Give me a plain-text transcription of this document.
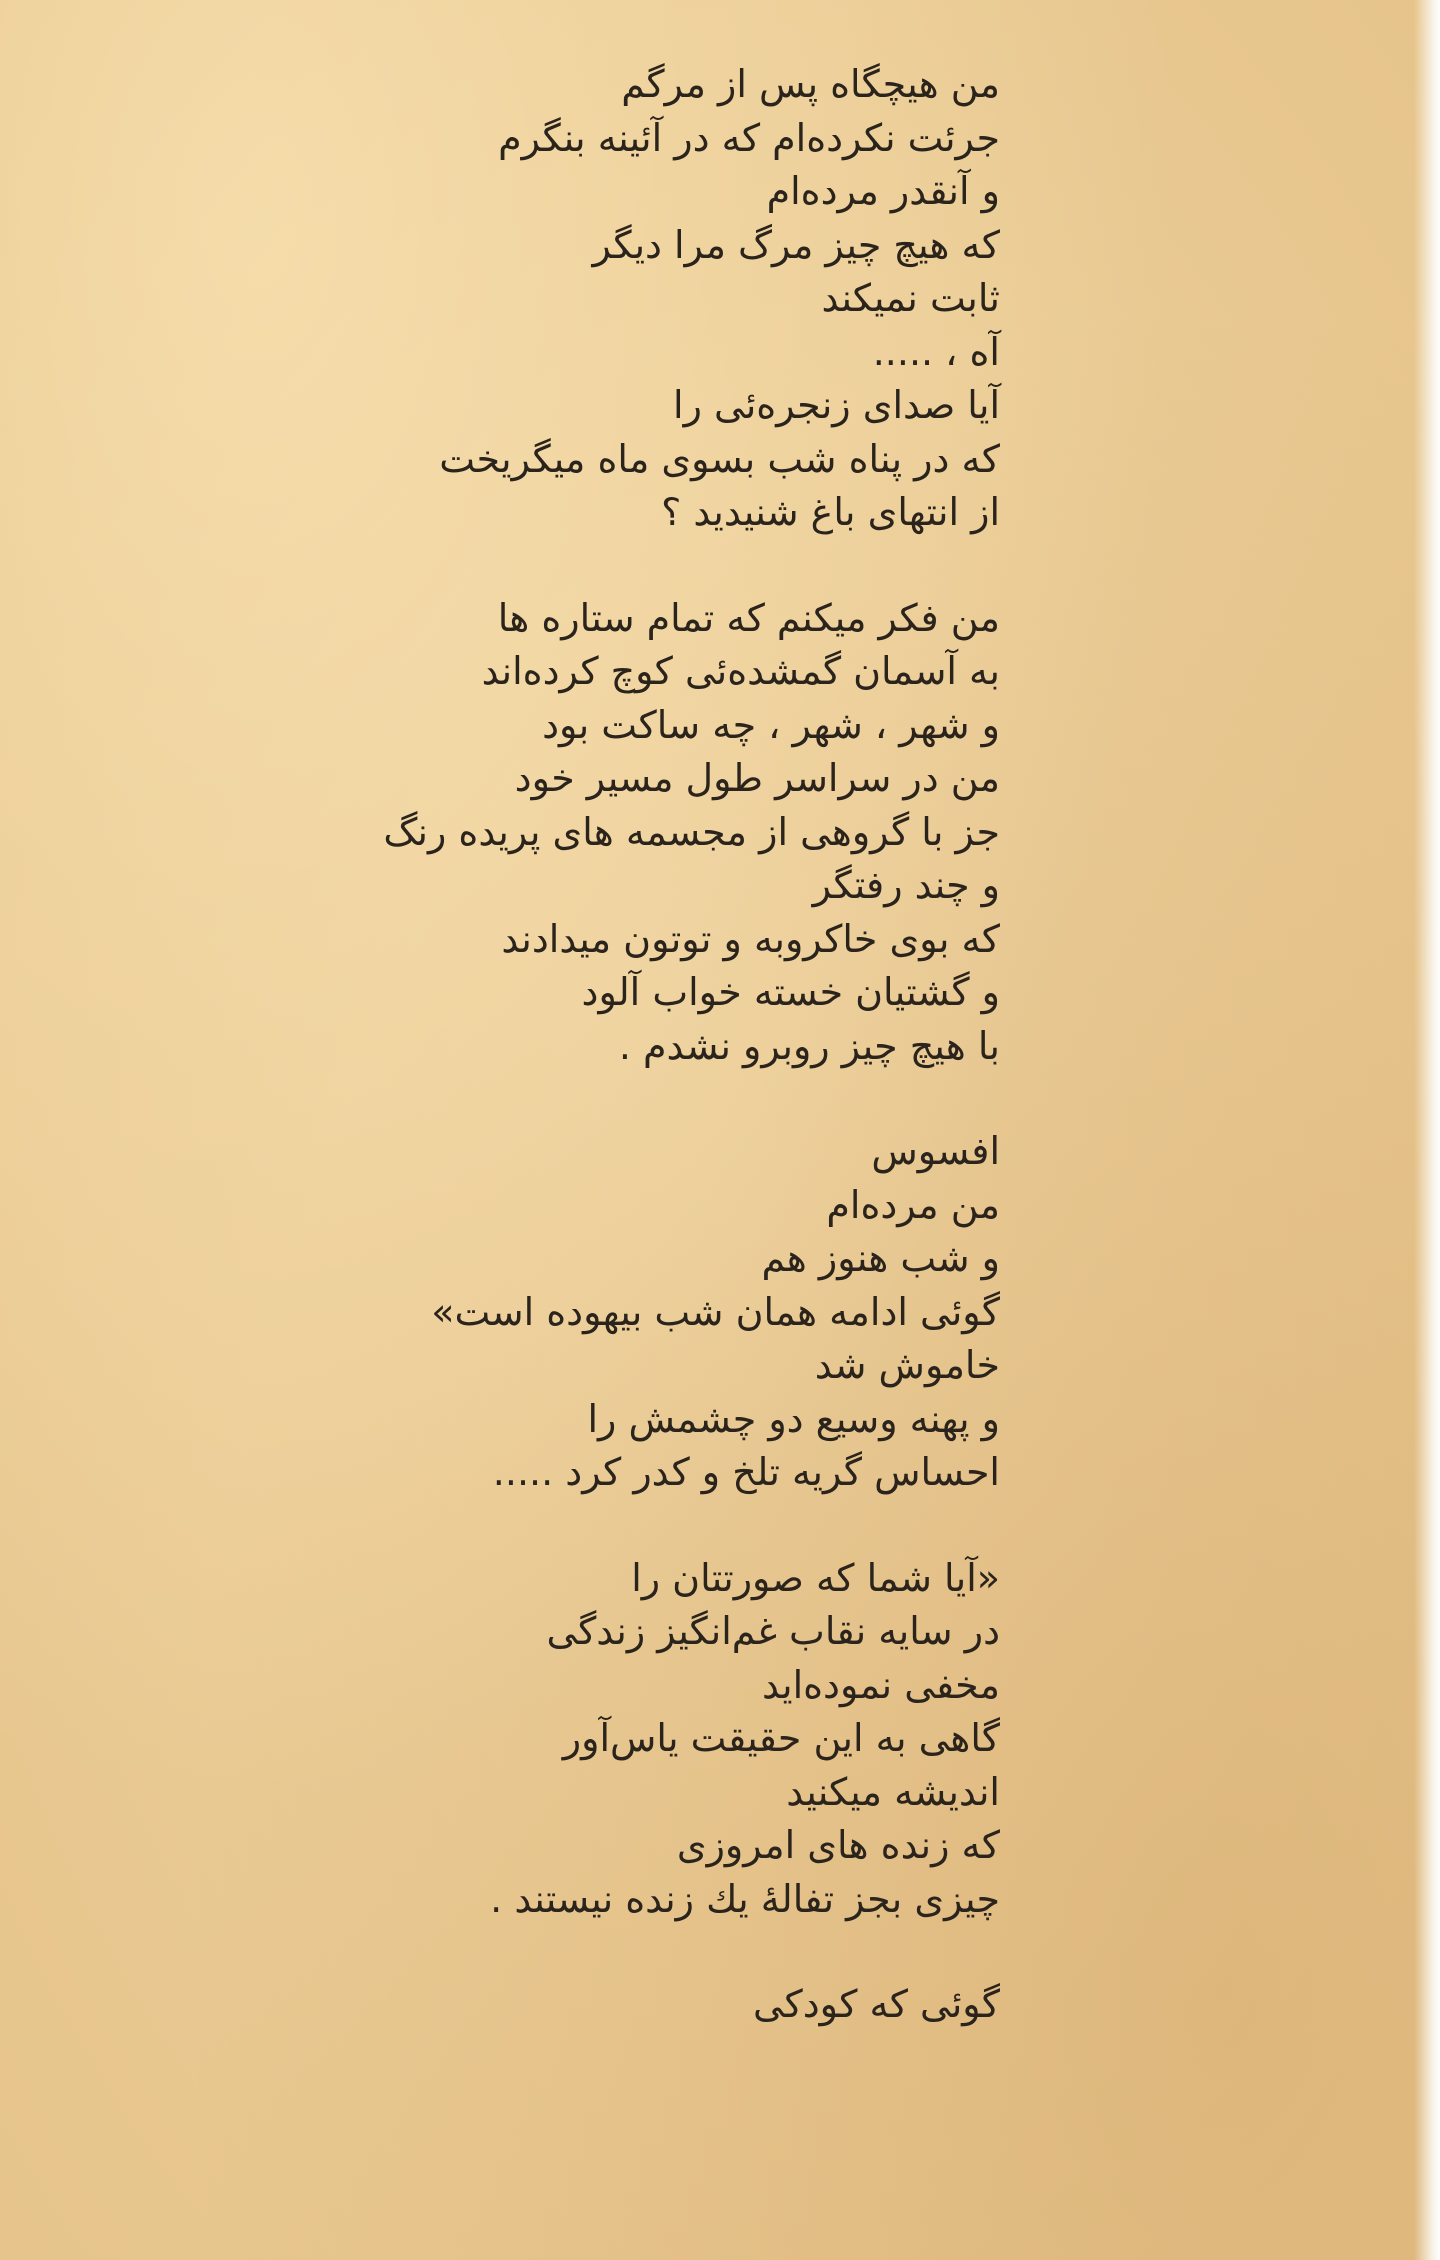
من هیچگاه پس از مرگم
جرئت نکرده‌ام که در آئینه بنگرم
و آنقدر مرده‌ام
که هیچ چیز مرگ مرا دیگر
ثابت نمیکند
آه ، .....
آیا صدای زنجره‌ئی را
که در پناه شب بسوی ماه میگریخت
از انتهای باغ شنیدید ؟
من فکر میکنم که تمام ستاره ها
به آسمان گمشده‌ئی کوچ کرده‌اند
و شهر ، شهر ، چه ساکت بود
من در سراسر طول مسیر خود
جز با گروهی از مجسمه های پریده رنگ
و چند رفتگر
که بوی خاکروبه و توتون میدادند
و گشتیان خسته خواب آلود
با هیچ چیز روبرو نشدم .
افسوس
من مرده‌ام
و شب هنوز هم
گوئی ادامه همان شب بیهوده است»
خاموش شد
و پهنه وسیع دو چشمش را
احساس گریه تلخ و کدر کرد .....
«آیا شما که صورتتان را
در سایه نقاب غم‌انگیز زندگی
مخفی نموده‌اید
گاهی به این حقیقت یاس‌آور
اندیشه میکنید
که زنده های امروزی
چیزی بجز تفالهٔ یك زنده نیستند .
گوئی که کودکی
